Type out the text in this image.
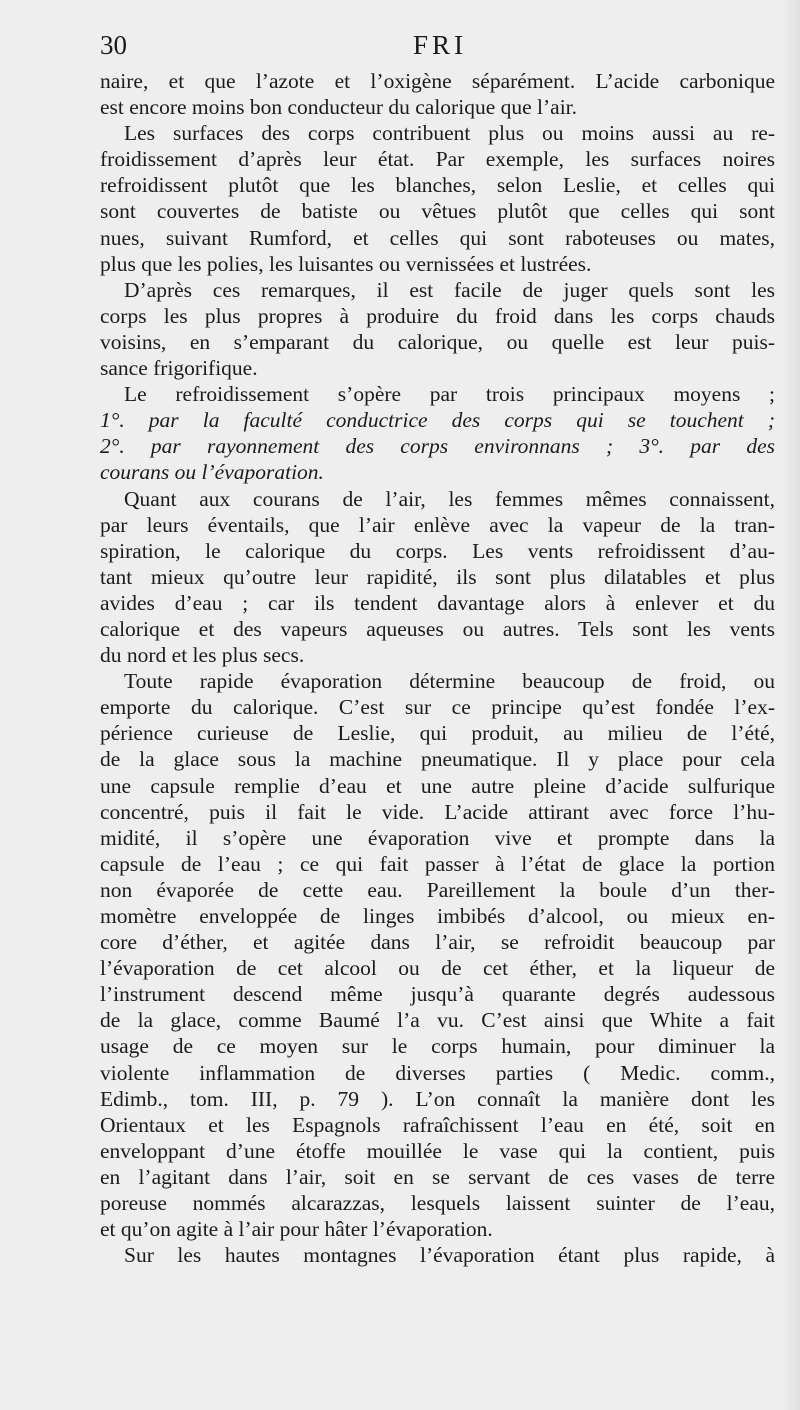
30	FRI
naire, et que l’azote et l’oxigène séparément. L’acide carbonique
est encore moins bon conducteur du calorique que l’air.
Les surfaces des corps contribuent plus ou moins aussi au re-
froidissement d’après leur état. Par exemple, les surfaces noires
refroidissent plutôt que les blanches, selon Leslie, et celles qui
sont couvertes de batiste ou vêtues plutôt que celles qui sont
nues, suivant Rumford, et celles qui sont raboteuses ou mates,
plus que les polies, les luisantes ou vernissées et lustrées.
D’après ces remarques, il est facile de juger quels sont les
corps les plus propres à produire du froid dans les corps chauds
voisins, en s’emparant du calorique, ou quelle est leur puis-
sance frigorifique.
Le refroidissement s’opère par trois principaux moyens ;
1°. par la faculté conductrice des corps qui se touchent ;
2°. par rayonnement des corps environnans ; 3°. par des
courans ou l’évaporation.
Quant aux courans de l’air, les femmes mêmes connaissent,
par leurs éventails, que l’air enlève avec la vapeur de la tran-
spiration, le calorique du corps. Les vents refroidissent d’au-
tant mieux qu’outre leur rapidité, ils sont plus dilatables et plus
avides d’eau ; car ils tendent davantage alors à enlever et du
calorique et des vapeurs aqueuses ou autres. Tels sont les vents
du nord et les plus secs.
Toute rapide évaporation détermine beaucoup de froid, ou
emporte du calorique. C’est sur ce principe qu’est fondée l’ex-
périence curieuse de Leslie, qui produit, au milieu de l’été,
de la glace sous la machine pneumatique. Il y place pour cela
une capsule remplie d’eau et une autre pleine d’acide sulfurique
concentré, puis il fait le vide. L’acide attirant avec force l’hu-
midité, il s’opère une évaporation vive et prompte dans la
capsule de l’eau ; ce qui fait passer à l’état de glace la portion
non évaporée de cette eau. Pareillement la boule d’un ther-
momètre enveloppée de linges imbibés d’alcool, ou mieux en-
core d’éther, et agitée dans l’air, se refroidit beaucoup par
l’évaporation de cet alcool ou de cet éther, et la liqueur de
l’instrument descend même jusqu’à quarante degrés audessous
de la glace, comme Baumé l’a vu. C’est ainsi que White a fait
usage de ce moyen sur le corps humain, pour diminuer la
violente inflammation de diverses parties ( Medic. comm.,
Edimb., tom. III, p. 79 ). L’on connaît la manière dont les
Orientaux et les Espagnols rafraîchissent l’eau en été, soit en
enveloppant d’une étoffe mouillée le vase qui la contient, puis
en l’agitant dans l’air, soit en se servant de ces vases de terre
poreuse nommés alcarazzas, lesquels laissent suinter de l’eau,
et qu’on agite à l’air pour hâter l’évaporation.
Sur les hautes montagnes l’évaporation étant plus rapide, à
